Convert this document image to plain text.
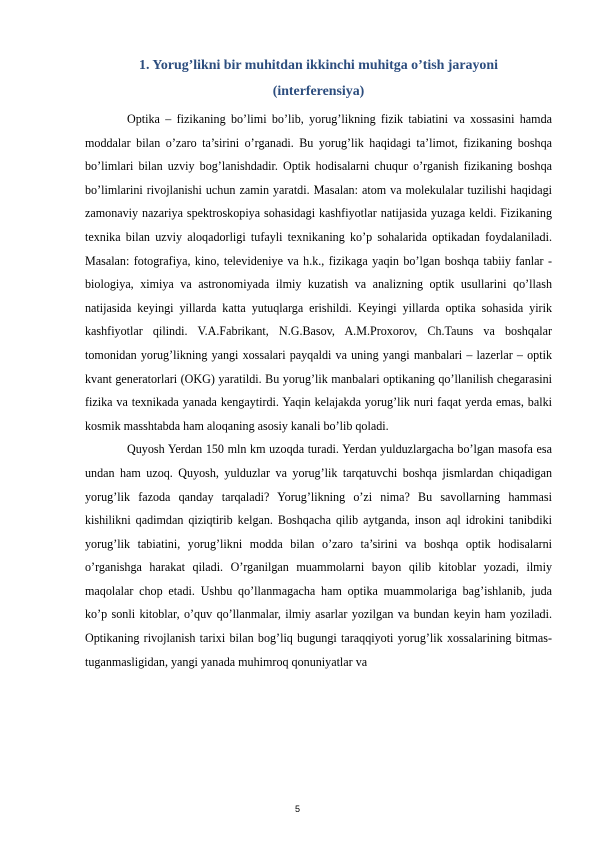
1. Yorug’likni bir muhitdan ikkinchi muhitga o’tish jarayoni
(interferensiya)

Optika – fizikaning bo’limi bo’lib, yorug’likning fizik tabiatini va xossasini hamda moddalar bilan o’zaro ta’sirini o’rganadi. Bu yorug’lik haqidagi ta’limot, fizikaning boshqa bo’limlari bilan uzviy bog’lanishdadir. Optik hodisalarni chuqur o’rganish fizikaning boshqa bo’limlarini rivojlanishi uchun zamin yaratdi. Masalan: atom va molekulalar tuzilishi haqidagi zamonaviy nazariya spektroskopiya sohasidagi kashfiyotlar natijasida yuzaga keldi. Fizikaning texnika bilan uzviy aloqadorligi tufayli texnikaning ko’p sohalarida optikadan foydalaniladi. Masalan: fotografiya, kino, televideniye va h.k., fizikaga yaqin bo’lgan boshqa tabiiy fanlar - biologiya, ximiya va astronomiyada ilmiy kuzatish va analizning optik usullarini qo’llash natijasida keyingi yillarda katta yutuqlarga erishildi. Keyingi yillarda optika sohasida yirik kashfiyotlar qilindi. V.A.Fabrikant, N.G.Basov, A.M.Proxorov, Ch.Tauns va boshqalar tomonidan yorug’likning yangi xossalari payqaldi va uning yangi manbalari – lazerlar – optik kvant generatorlari (OKG) yaratildi. Bu yorug’lik manbalari optikaning qo’llanilish chegarasini fizika va texnikada yanada kengaytirdi. Yaqin kelajakda yorug’lik nuri faqat yerda emas, balki kosmik masshtabda ham aloqaning asosiy kanali bo’lib qoladi.

Quyosh Yerdan 150 mln km uzoqda turadi. Yerdan yulduzlargacha bo’lgan masofa esa undan ham uzoq. Quyosh, yulduzlar va yorug’lik tarqatuvchi boshqa jismlardan chiqadigan yorug’lik fazoda qanday tarqaladi? Yorug’likning o’zi nima? Bu savollarning hammasi kishilikni qadimdan qiziqtirib kelgan. Boshqacha qilib aytganda, inson aql idrokini tanibdiki yorug’lik tabiatini, yorug’likni modda bilan o’zaro ta’sirini va boshqa optik hodisalarni o’rganishga harakat qiladi. O’rganilgan muammolarni bayon qilib kitoblar yozadi, ilmiy maqolalar chop etadi. Ushbu qo’llanmagacha ham optika muammolariga bag’ishlanib, juda ko’p sonli kitoblar, o’quv qo’llanmalar, ilmiy asarlar yozilgan va bundan keyin ham yoziladi. Optikaning rivojlanish tarixi bilan bog’liq bugungi taraqqiyoti yorug’lik xossalarining bitmas-tuganmasligidan, yangi yanada muhimroq qonuniyatlar va

5
